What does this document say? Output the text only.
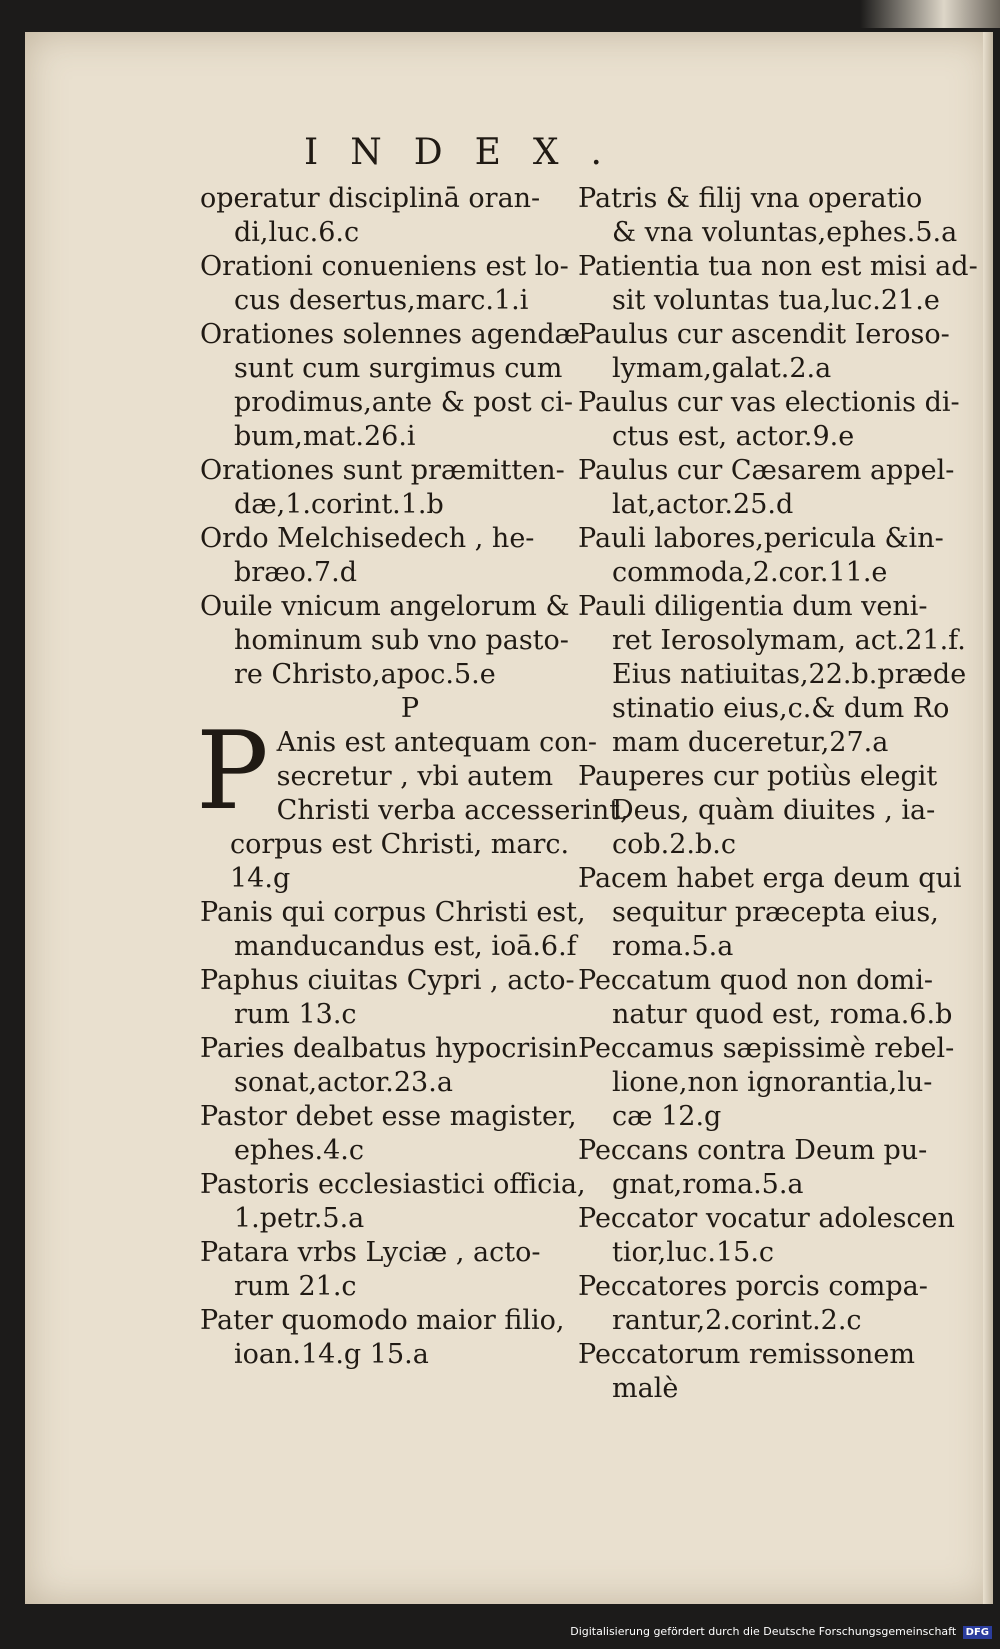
INDEX.
operatur disciplinā oran-
di,luc.6.c
Orationi conueniens est lo-
cus desertus,marc.1.i
Orationes solennes agendæ
sunt cum surgimus cum
prodimus,ante & post ci-
bum,mat.26.i
Orationes sunt præmitten-
dæ,1.corint.1.b
Ordo Melchisedech , he-
bræo.7.d
Ouile vnicum angelorum &
hominum sub vno pasto-
re Christo,apoc.5.e
P
P Anis est antequam con-
secretur , vbi autem
Christi verba accesserint,
corpus est Christi, marc.
14.g
Panis qui corpus Christi est,
manducandus est, ioā.6.f
Paphus ciuitas Cypri , acto-
rum 13.c
Paries dealbatus hypocrisin
sonat,actor.23.a
Pastor debet esse magister,
ephes.4.c
Pastoris ecclesiastici officia,
1.petr.5.a
Patara vrbs Lyciæ , acto-
rum 21.c
Pater quomodo maior filio,
ioan.14.g 15.a
Patris & filij vna operatio
& vna voluntas,ephes.5.a
Patientia tua non est misi ad-
sit voluntas tua,luc.21.e
Paulus cur ascendit Ieroso-
lymam,galat.2.a
Paulus cur vas electionis di-
ctus est, actor.9.e
Paulus cur Cæsarem appel-
lat,actor.25.d
Pauli labores,pericula &in-
commoda,2.cor.11.e
Pauli diligentia dum veni-
ret Ierosolymam, act.21.f.
Eius natiuitas,22.b.præde
stinatio eius,c.& dum Ro
mam duceretur,27.a
Pauperes cur potiùs elegit
Deus, quàm diuites , ia-
cob.2.b.c
Pacem habet erga deum qui
sequitur præcepta eius,
roma.5.a
Peccatum quod non domi-
natur quod est, roma.6.b
Peccamus sæpissimè rebel-
lione,non ignorantia,lu-
cæ 12.g
Peccans contra Deum pu-
gnat,roma.5.a
Peccator vocatur adolescen
tior,luc.15.c
Peccatores porcis compa-
rantur,2.corint.2.c
Peccatorum remissonem
malè
Digitalisierung gefördert durch die Deutsche Forschungsgemeinschaft DFG
